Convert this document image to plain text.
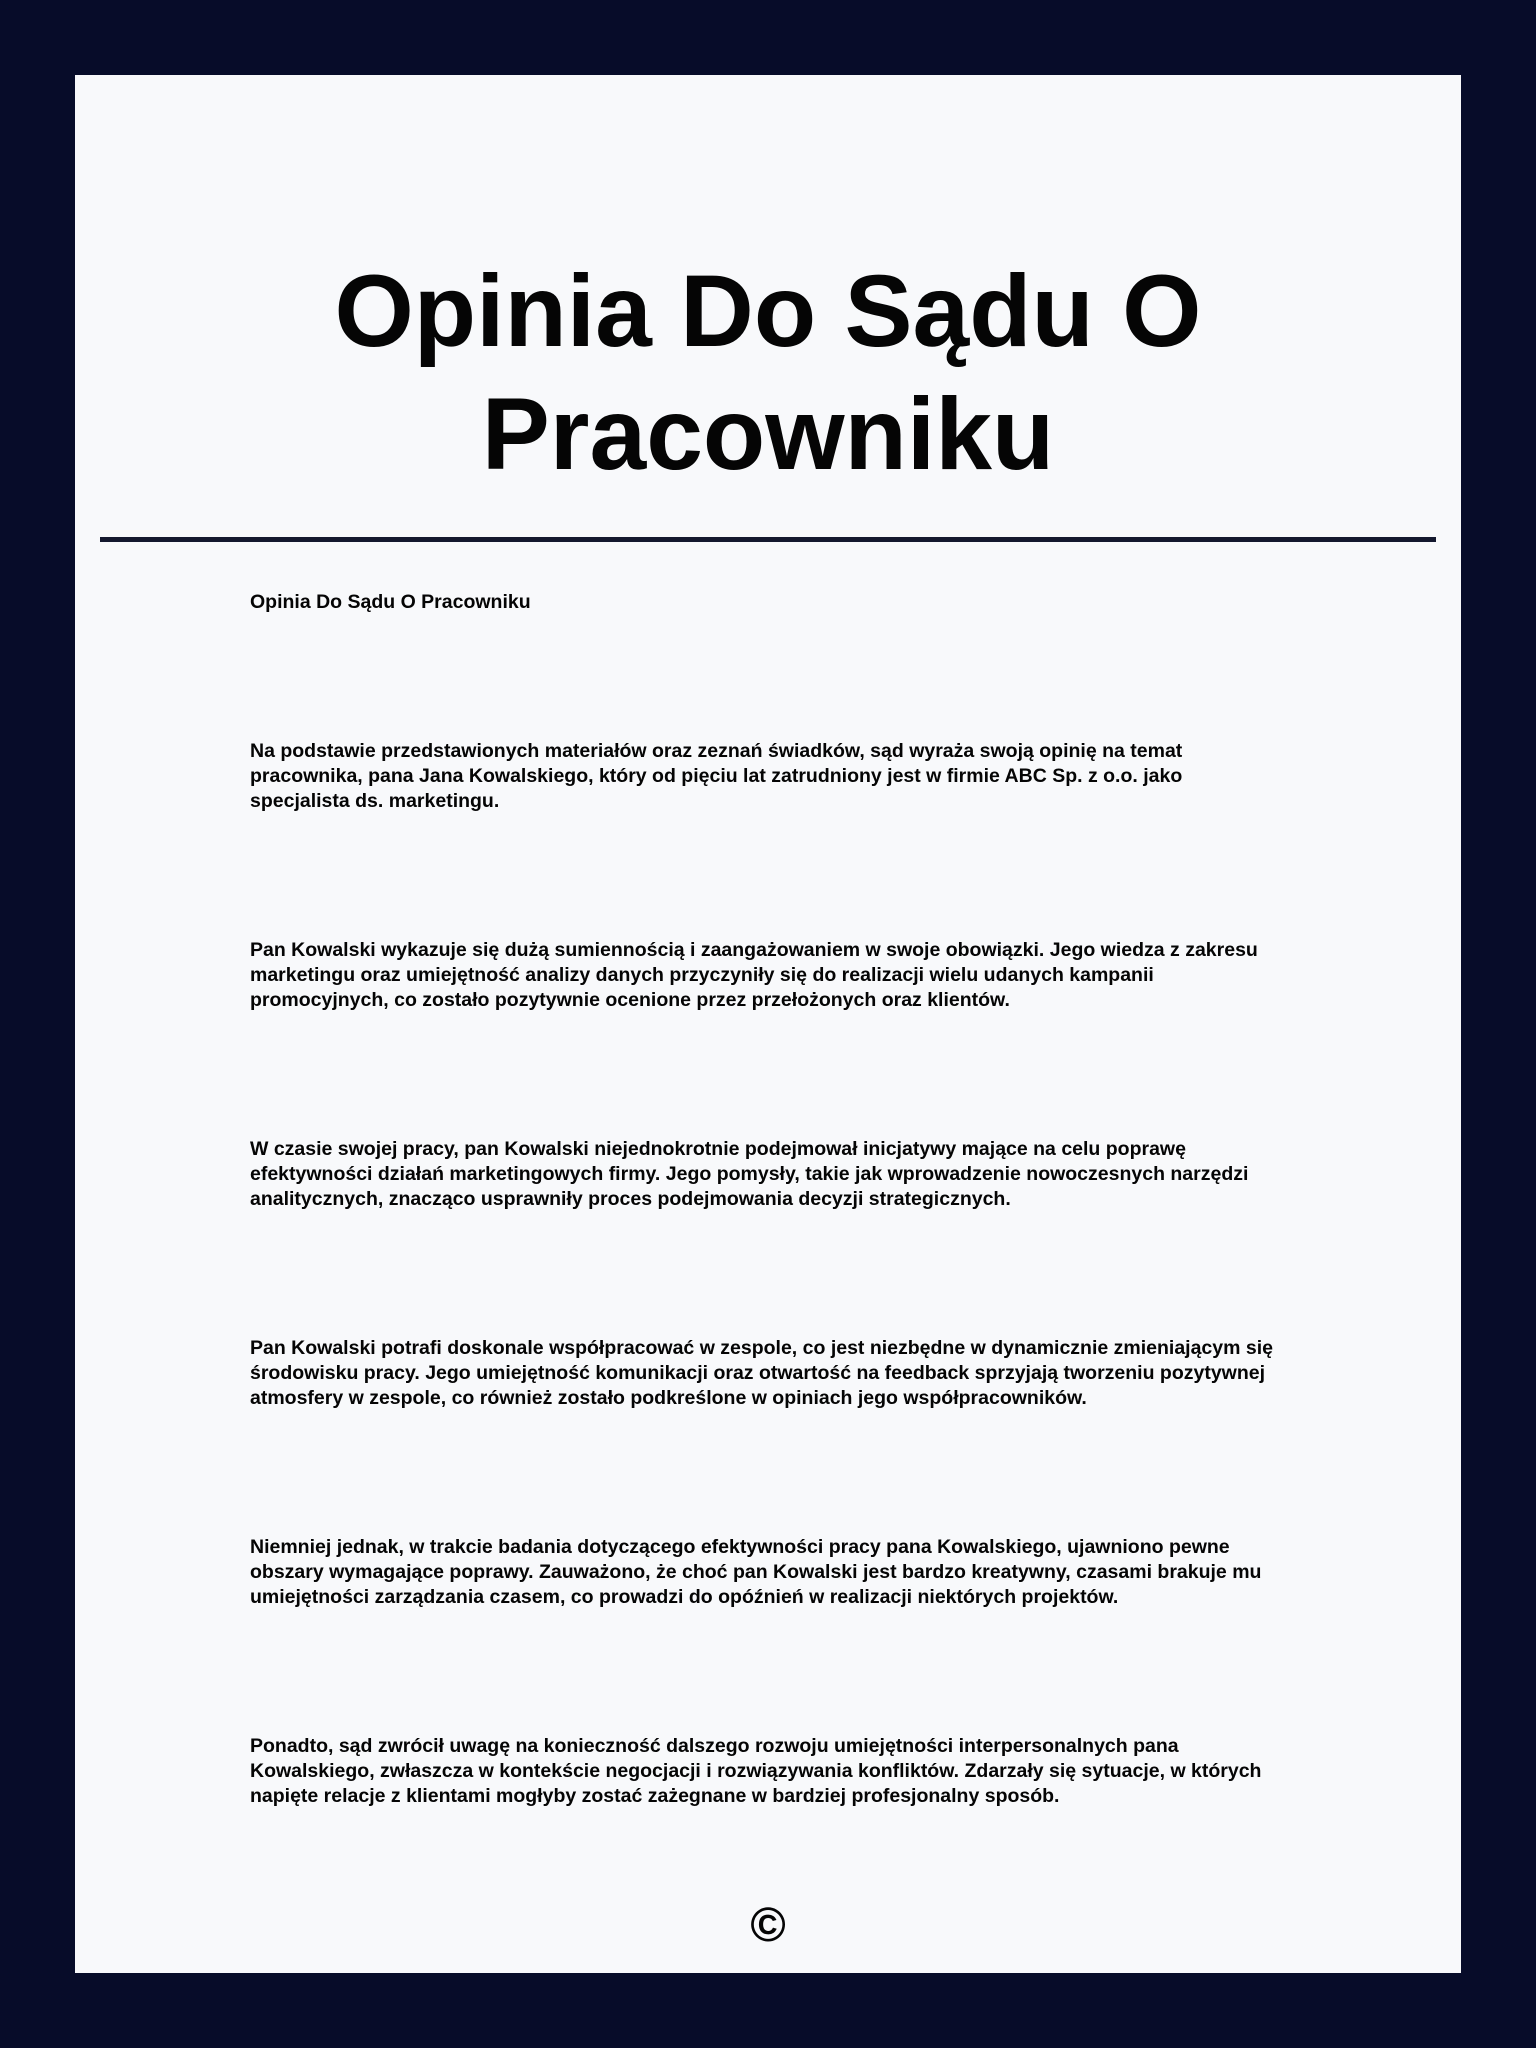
Opinia Do Sądu O Pracowniku

Opinia Do Sądu O Pracowniku

Na podstawie przedstawionych materiałów oraz zeznań świadków, sąd wyraża swoją opinię na temat pracownika, pana Jana Kowalskiego, który od pięciu lat zatrudniony jest w firmie ABC Sp. z o.o. jako specjalista ds. marketingu.

Pan Kowalski wykazuje się dużą sumiennością i zaangażowaniem w swoje obowiązki. Jego wiedza z zakresu marketingu oraz umiejętność analizy danych przyczyniły się do realizacji wielu udanych kampanii promocyjnych, co zostało pozytywnie ocenione przez przełożonych oraz klientów.

W czasie swojej pracy, pan Kowalski niejednokrotnie podejmował inicjatywy mające na celu poprawę efektywności działań marketingowych firmy. Jego pomysły, takie jak wprowadzenie nowoczesnych narzędzi analitycznych, znacząco usprawniły proces podejmowania decyzji strategicznych.

Pan Kowalski potrafi doskonale współpracować w zespole, co jest niezbędne w dynamicznie zmieniającym się środowisku pracy. Jego umiejętność komunikacji oraz otwartość na feedback sprzyjają tworzeniu pozytywnej atmosfery w zespole, co również zostało podkreślone w opiniach jego współpracowników.

Niemniej jednak, w trakcie badania dotyczącego efektywności pracy pana Kowalskiego, ujawniono pewne obszary wymagające poprawy. Zauważono, że choć pan Kowalski jest bardzo kreatywny, czasami brakuje mu umiejętności zarządzania czasem, co prowadzi do opóźnień w realizacji niektórych projektów.

Ponadto, sąd zwrócił uwagę na konieczność dalszego rozwoju umiejętności interpersonalnych pana Kowalskiego, zwłaszcza w kontekście negocjacji i rozwiązywania konfliktów. Zdarzały się sytuacje, w których napięte relacje z klientami mogłyby zostać zażegnane w bardziej profesjonalny sposób.

©
